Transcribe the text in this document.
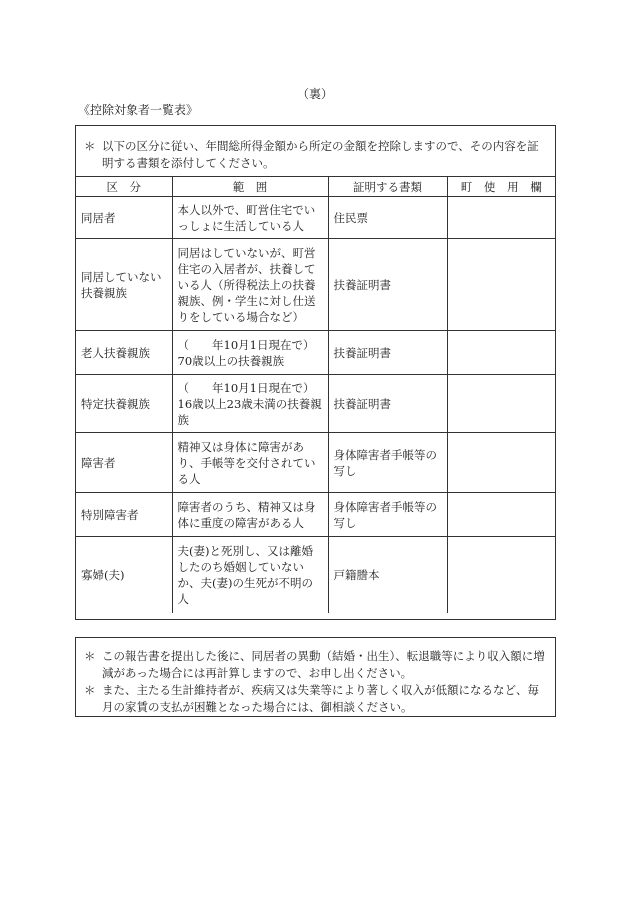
（裏）
《控除対象者一覧表》
＊ 以下の区分に従い、年間総所得金額から所定の金額を控除しますので、その内容を証明する書類を添付してください。
区　分	範　囲	証明する書類	町 使 用 欄
同居者	本人以外で、町営住宅でいっしょに生活している人	住民票	
同居していない扶養親族	同居はしていないが、町営住宅の入居者が、扶養している人（所得税法上の扶養親族、例・学生に対し仕送りをしている場合など）	扶養証明書	
老人扶養親族	（　　年10月1日現在で）70歳以上の扶養親族	扶養証明書	
特定扶養親族	（　　年10月1日現在で）16歳以上23歳未満の扶養親族	扶養証明書	
障害者	精神又は身体に障害があり、手帳等を交付されている人	身体障害者手帳等の写し	
特別障害者	障害者のうち、精神又は身体に重度の障害がある人	身体障害者手帳等の写し	
寡婦(夫)	夫(妻)と死別し、又は離婚したのち婚姻していないか、夫(妻)の生死が不明の人	戸籍謄本	
＊ この報告書を提出した後に、同居者の異動（結婚・出生）、転退職等により収入額に増減があった場合には再計算しますので、お申し出ください。
＊ また、主たる生計維持者が、疾病又は失業等により著しく収入が低額になるなど、毎月の家賃の支払が困難となった場合には、御相談ください。
